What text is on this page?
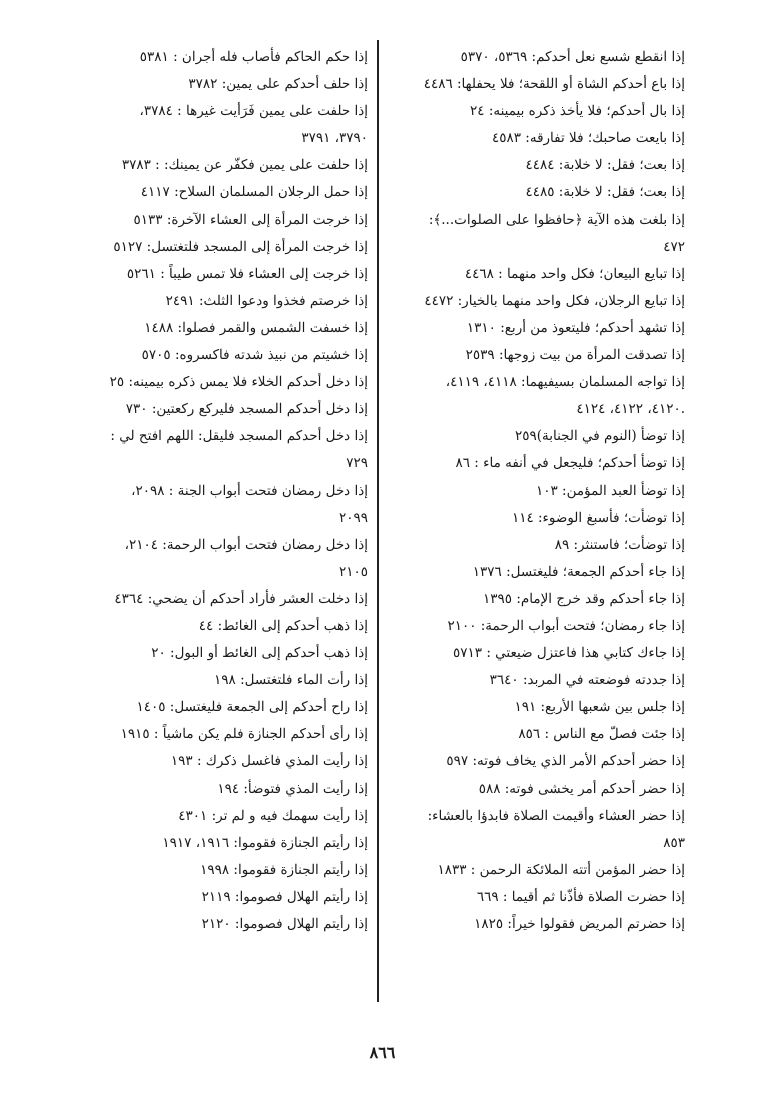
إذا انقطع شسع نعل أحدكم: ٥٣٦٩، ٥٣٧٠

إذا باع أحدكم الشاة أو اللقحة؛ فلا يحفلها: ٤٤٨٦

إذا بال أحدكم؛ فلا يأخذ ذكره بيمينه: ٢٤

إذا بايعت صاحبك؛ فلا تفارقه: ٤٥٨٣

إذا بعت؛ فقل: لا خلابة: ٤٤٨٤

إذا بعت؛ فقل: لا خلابة: ٤٤٨٥

إذا بلغت هذه الآية ﴿حافظوا على الصلوات...﴾:

٤٧٢

إذا تبايع البيعان؛ فكل واحد منهما : ٤٤٦٨

إذا تبايع الرجلان، فكل واحد منهما بالخيار: ٤٤٧٢

إذا تشهد أحدكم؛ فليتعوذ من أربع: ١٣١٠

إذا تصدقت المرأة من بيت زوجها: ٢٥٣٩

إذا تواجه المسلمان بسيفيهما: ٤١١٨، ٤١١٩،

٤١٢٠، ٤١٢٢، ٤١٢٤.

إذا توضأ (النوم في الجنابة)٢٥٩

إذا توضأ أحدكم؛ فليجعل في أنفه ماء : ٨٦

إذا توضأ العبد المؤمن: ١٠٣

إذا توضأت؛ فأسبغ الوضوء: ١١٤

إذا توضأت؛ فاستنثر: ٨٩

إذا جاء أحدكم الجمعة؛ فليغتسل: ١٣٧٦

إذا جاء أحدكم وقد خرج الإمام: ١٣٩٥

إذا جاء رمضان؛ فتحت أبواب الرحمة: ٢١٠٠

إذا جاءك كتابي هذا فاعتزل ضيعتي : ٥٧١٣

إذا جددته فوضعته في المربد: ٣٦٤٠

إذا جلس بين شعبها الأربع: ١٩١

إذا جئت فصلّ مع الناس : ٨٥٦

إذا حضر أحدكم الأمر الذي يخاف فوته: ٥٩٧

إذا حضر أحدكم أمر يخشى فوته: ٥٨٨

إذا حضر العشاء وأقيمت الصلاة فابدؤا بالعشاء:

٨٥٣

إذا حضر المؤمن أتته الملائكة الرحمن : ١٨٣٣

إذا حضرت الصلاة فأذّنا ثم أقيما : ٦٦٩

إذا حضرتم المريض فقولوا خيراً: ١٨٢٥

إذا حكم الحاكم فأصاب فله أجران : ٥٣٨١

إذا حلف أحدكم على يمين: ٣٧٨٢

إذا حلفت على يمين فَرَأيت غيرها : ٣٧٨٤،

٣٧٩٠، ٣٧٩١

إذا حلفت على يمين فكفّر عن يمينك: : ٣٧٨٣

إذا حمل الرجلان المسلمان السلاح: ٤١١٧

إذا خرجت المرأة إلى العشاء الآخرة: ٥١٣٣

إذا خرجت المرأة إلى المسجد فلتغتسل: ٥١٢٧

إذا خرجت إلى العشاء فلا تمس طيباً : ٥٢٦١

إذا خرصتم فخذوا ودعوا الثلث: ٢٤٩١

إذا خسفت الشمس والقمر فصلوا: ١٤٨٨

إذا خشيتم من نبيذ شدته فاكسروه: ٥٧٠٥

إذا دخل أحدكم الخلاء فلا يمس ذكره بيمينه: ٢٥

إذا دخل أحدكم المسجد فليركع ركعتين: ٧٣٠

إذا دخل أحدكم المسجد فليقل: اللهم افتح لي :

٧٢٩

إذا دخل رمضان فتحت أبواب الجنة : ٢٠٩٨،

٢٠٩٩

إذا دخل رمضان فتحت أبواب الرحمة: ٢١٠٤،

٢١٠٥

إذا دخلت العشر فأراد أحدكم أن يضحي: ٤٣٦٤

إذا ذهب أحدكم إلى الغائط: ٤٤

إذا ذهب أحدكم إلى الغائط أو البول: ٢٠

إذا رأت الماء فلتغتسل: ١٩٨

إذا راح أحدكم إلى الجمعة فليغتسل: ١٤٠٥

إذا رأى أحدكم الجنازة فلم يكن ماشياً : ١٩١٥

إذا رأيت المذي فاغسل ذكرك : ١٩٣

إذا رأيت المذي فتوضأ: ١٩٤

إذا رأيت سهمك فيه و لم تر: ٤٣٠١

إذا رأيتم الجنازة فقوموا: ١٩١٦، ١٩١٧

إذا رأيتم الجنازة فقوموا: ١٩٩٨

إذا رأيتم الهلال فصوموا: ٢١١٩

إذا رأيتم الهلال فصوموا: ٢١٢٠

٨٦٦
